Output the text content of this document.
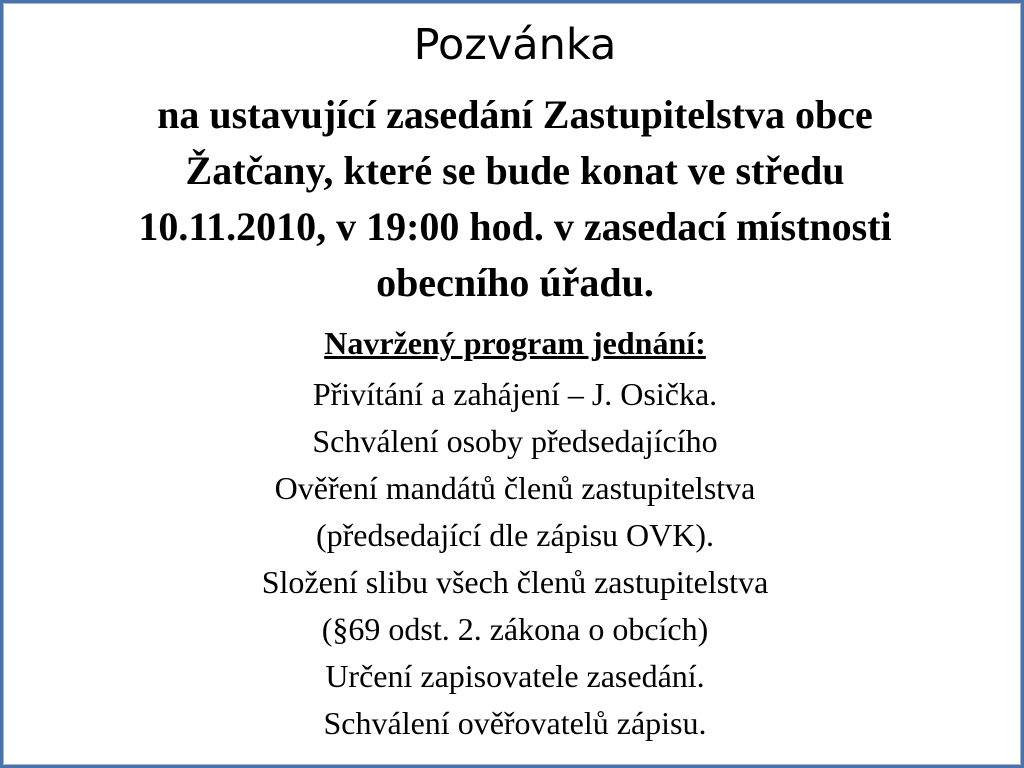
Pozvánka

na ustavující zasedání Zastupitelstva obce
Žatčany, které se bude konat ve středu
10.11.2010, v 19:00 hod. v zasedací místnosti
obecního úřadu.

Navržený program jednání:
Přivítání a zahájení – J. Osička.
Schválení osoby předsedajícího
Ověření mandátů členů zastupitelstva
(předsedající dle zápisu OVK).
Složení slibu všech členů zastupitelstva
(§69 odst. 2. zákona o obcích)
Určení zapisovatele zasedání.
Schválení ověřovatelů zápisu.
